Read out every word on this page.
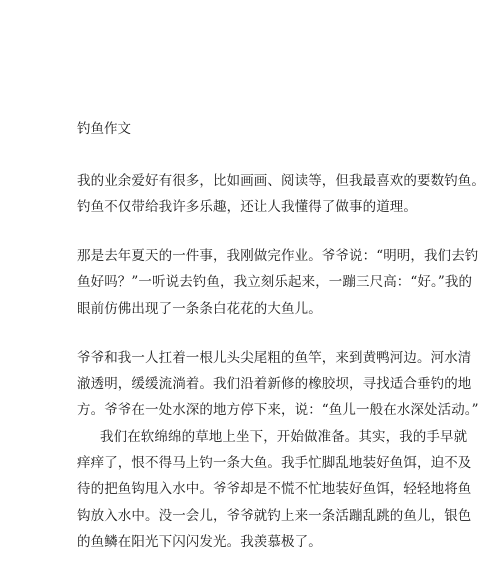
钓鱼作文
我的业余爱好有很多，比如画画、阅读等，但我最喜欢的要数钓鱼。
钓鱼不仅带给我许多乐趣，还让人我懂得了做事的道理。
那是去年夏天的一件事，我刚做完作业。爷爷说：“明明，我们去钓
鱼好吗？”一听说去钓鱼，我立刻乐起来，一蹦三尺高：“好。”我的
眼前仿佛出现了一条条白花花的大鱼儿。
爷爷和我一人扛着一根儿头尖尾粗的鱼竿，来到黄鸭河边。河水清
澈透明，缓缓流淌着。我们沿着新修的橡胶坝，寻找适合垂钓的地
方。爷爷在一处水深的地方停下来，说：“鱼儿一般在水深处活动。”
我们在软绵绵的草地上坐下，开始做准备。其实，我的手早就
痒痒了，恨不得马上钓一条大鱼。我手忙脚乱地装好鱼饵，迫不及
待的把鱼钩甩入水中。爷爷却是不慌不忙地装好鱼饵，轻轻地将鱼
钩放入水中。没一会儿，爷爷就钓上来一条活蹦乱跳的鱼儿，银色
的鱼鳞在阳光下闪闪发光。我羡慕极了。
